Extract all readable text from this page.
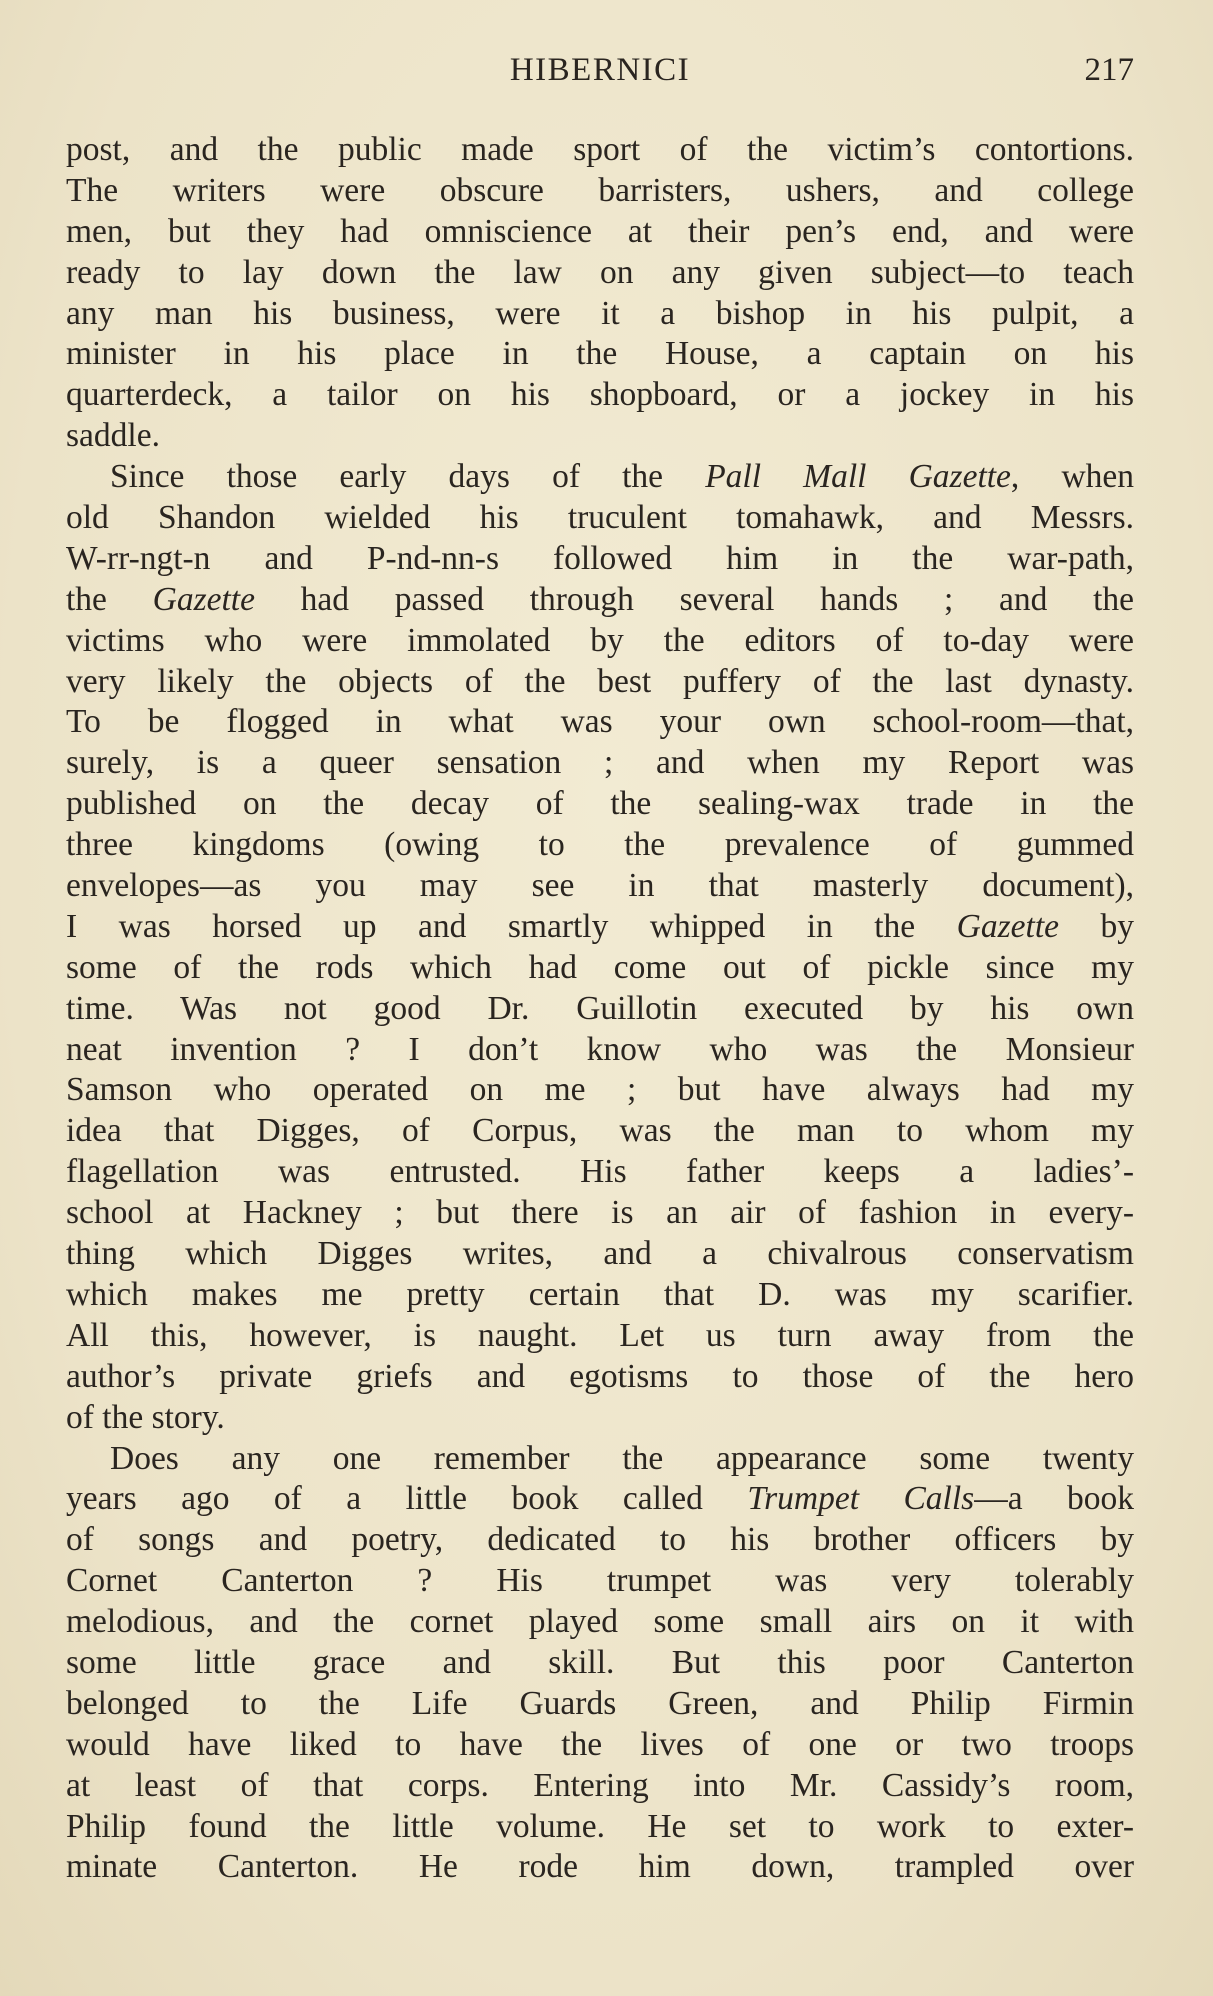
HIBERNICI	217
post, and the public made sport of the victim’s contortions.
The writers were obscure barristers, ushers, and college
men, but they had omniscience at their pen’s end, and were
ready to lay down the law on any given subject—to teach
any man his business, were it a bishop in his pulpit, a
minister in his place in the House, a captain on his
quarterdeck, a tailor on his shopboard, or a jockey in his
saddle.
Since those early days of the Pall Mall Gazette, when
old Shandon wielded his truculent tomahawk, and Messrs.
W-rr-ngt-n and P-nd-nn-s followed him in the war-path,
the Gazette had passed through several hands ; and the
victims who were immolated by the editors of to-day were
very likely the objects of the best puffery of the last dynasty.
To be flogged in what was your own school-room—that,
surely, is a queer sensation ; and when my Report was
published on the decay of the sealing-wax trade in the
three kingdoms (owing to the prevalence of gummed
envelopes—as you may see in that masterly document),
I was horsed up and smartly whipped in the Gazette by
some of the rods which had come out of pickle since my
time. Was not good Dr. Guillotin executed by his own
neat invention ? I don’t know who was the Monsieur
Samson who operated on me ; but have always had my
idea that Digges, of Corpus, was the man to whom my
flagellation was entrusted. His father keeps a ladies’-
school at Hackney ; but there is an air of fashion in every-
thing which Digges writes, and a chivalrous conservatism
which makes me pretty certain that D. was my scarifier.
All this, however, is naught. Let us turn away from the
author’s private griefs and egotisms to those of the hero
of the story.
Does any one remember the appearance some twenty
years ago of a little book called Trumpet Calls—a book
of songs and poetry, dedicated to his brother officers by
Cornet Canterton ? His trumpet was very tolerably
melodious, and the cornet played some small airs on it with
some little grace and skill. But this poor Canterton
belonged to the Life Guards Green, and Philip Firmin
would have liked to have the lives of one or two troops
at least of that corps. Entering into Mr. Cassidy’s room,
Philip found the little volume. He set to work to exter-
minate Canterton. He rode him down, trampled over
